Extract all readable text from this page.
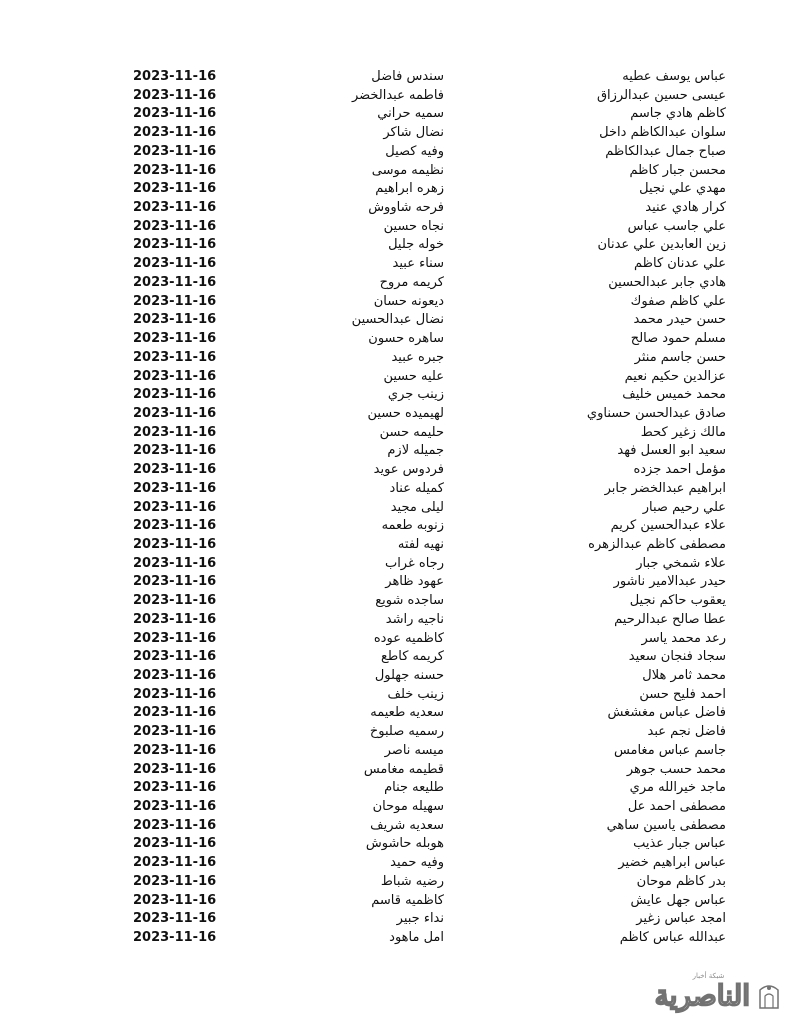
عباس يوسف عطيه
سندس فاضل
2023-11-16
عيسى حسين عبدالرزاق
فاطمه عبدالخضر
2023-11-16
كاظم هادي جاسم
سميه حراني
2023-11-16
سلوان عبدالكاظم داخل
نضال شاكر
2023-11-16
صباح جمال عبدالكاظم
وفيه كصيل
2023-11-16
محسن جبار كاظم
نظيمه موسى
2023-11-16
مهدي علي نجيل
زهره ابراهيم
2023-11-16
كرار هادي عنيد
فرحه شاووش
2023-11-16
علي جاسب عباس
نجاه حسين
2023-11-16
زين العابدين علي عدنان
خوله جليل
2023-11-16
علي عدنان كاظم
سناء عبيد
2023-11-16
هادي جابر عبدالحسين
كريمه مروح
2023-11-16
علي كاظم صفوك
ديعونه حسان
2023-11-16
حسن حيدر محمد
نضال عبدالحسين
2023-11-16
مسلم حمود صالح
ساهره حسون
2023-11-16
حسن جاسم منثر
جبره عبيد
2023-11-16
عزالدين حكيم نعيم
عليه حسين
2023-11-16
محمد خميس خليف
زينب جري
2023-11-16
صادق عبدالحسن حسناوي
لهيميده حسين
2023-11-16
مالك زغير كحط
حليمه حسن
2023-11-16
سعيد ابو العسل فهد
جميله لازم
2023-11-16
مؤمل احمد جزده
فردوس عويد
2023-11-16
ابراهيم عبدالخضر جابر
كميله عناد
2023-11-16
علي رحيم صبار
ليلى مجيد
2023-11-16
علاء عبدالحسين كريم
زنوبه طعمه
2023-11-16
مصطفى كاظم عبدالزهره
نهيه لفته
2023-11-16
علاء شمخي جبار
رجاه غراب
2023-11-16
حيدر عبدالامير ناشور
عهود ظاهر
2023-11-16
يعقوب حاكم نجيل
ساجده شويع
2023-11-16
عطا صالح عبدالرحيم
ناجيه راشد
2023-11-16
رعد محمد ياسر
كاظميه عوده
2023-11-16
سجاد فنجان سعيد
كريمه كاطع
2023-11-16
محمد ثامر هلال
حسنه جهلول
2023-11-16
احمد فليح حسن
زينب خلف
2023-11-16
فاضل عباس مغشغش
سعديه طعيمه
2023-11-16
فاضل نجم عبد
رسميه صلبوخ
2023-11-16
جاسم عباس مغامس
ميسه ناصر
2023-11-16
محمد حسب جوهر
قطيمه مغامس
2023-11-16
ماجد خيرالله مري
طليعه جنام
2023-11-16
مصطفى احمد عل
سهيله موحان
2023-11-16
مصطفى ياسين ساهي
سعديه شريف
2023-11-16
عباس جبار عذيب
هوبله حاشوش
2023-11-16
عباس ابراهيم خضير
وفيه حميد
2023-11-16
بدر كاظم موحان
رضيه شباط
2023-11-16
عباس جهل عايش
كاظميه قاسم
2023-11-16
امجد عباس زغير
نداء جبير
2023-11-16
عبدالله عباس كاظم
امل ماهود
2023-11-16
شبكة أخبار
الناصرية
